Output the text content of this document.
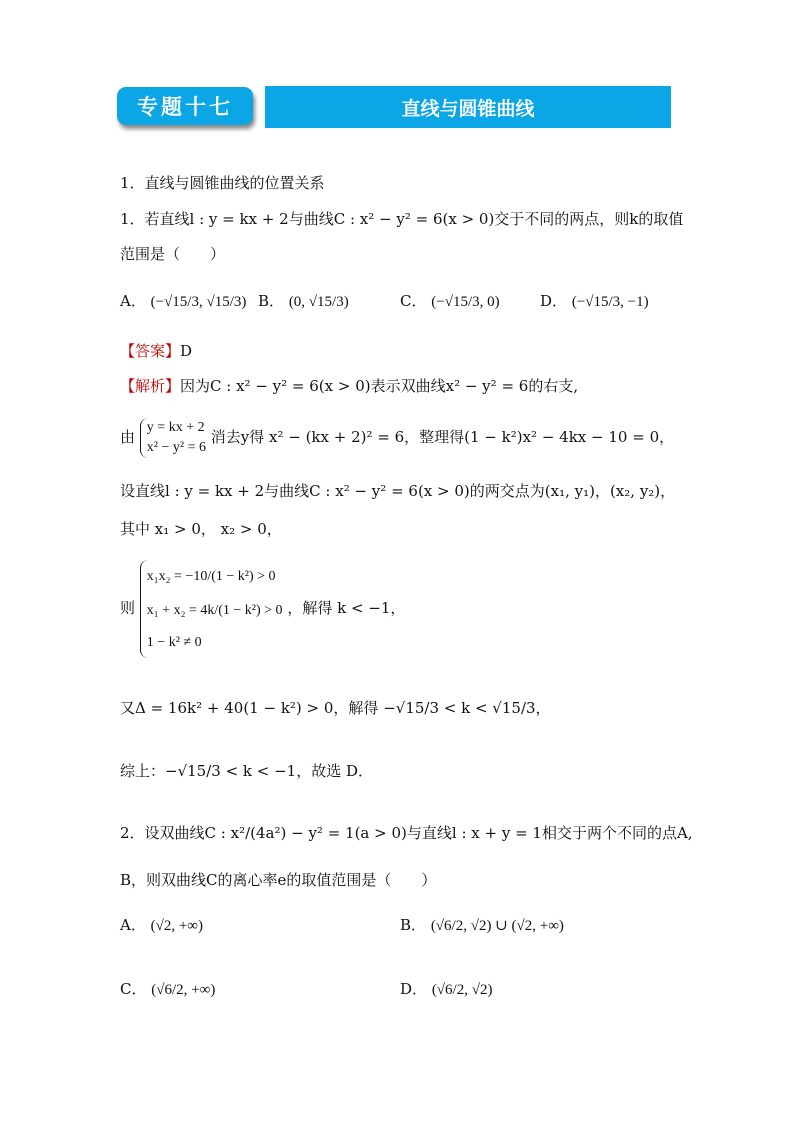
专题十七	直线与圆锥曲线
1．直线与圆锥曲线的位置关系
1．若直线l : y = kx + 2与曲线C : x² − y² = 6(x > 0)交于不同的两点，则k的取值
范围是（　　）
A． (−√15/3, √15/3) B． (0, √15/3)	C． (−√15/3, 0)	D． (−√15/3, −1)
【答案】D
【解析】因为C : x² − y² = 6(x > 0)表示双曲线x² − y² = 6的右支,
由
y = kx + 2
x² − y² = 6
消去y得 x² − (kx + 2)² = 6，整理得(1 − k²)x² − 4kx − 10 = 0，
设直线l : y = kx + 2与曲线C : x² − y² = 6(x > 0)的两交点为(x₁, y₁)，(x₂, y₂)，
其中 x₁ > 0， x₂ > 0，
则
x₁x₂ = −10/(1 − k²) > 0
x₁ + x₂ = 4k/(1 − k²) > 0
1 − k² ≠ 0
，解得 k < −1，
又Δ = 16k² + 40(1 − k²) > 0，解得 −√15/3 < k < √15/3，
综上：−√15/3 < k < −1，故选 D．
2．设双曲线C : x²/(4a²) − y² = 1(a > 0)与直线l : x + y = 1相交于两个不同的点A,
B，则双曲线C的离心率e的取值范围是（　　）
A． (√2, +∞)	B． (√6/2, √2) ∪ (√2, +∞)
C． (√6/2, +∞)	D． (√6/2, √2)
